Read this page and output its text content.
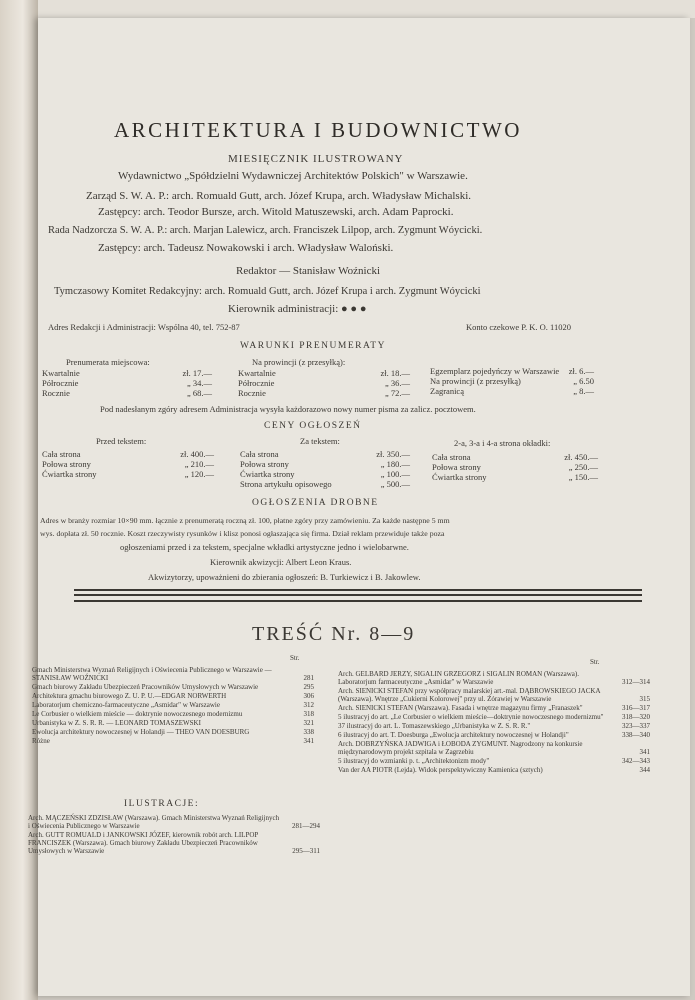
ARCHITEKTURA I BUDOWNICTWO
MIESIĘCZNIK ILUSTROWANY
Wydawnictwo „Spółdzielni Wydawniczej Architektów Polskich" w Warszawie.
Zarząd S. W. A. P.: arch. Romuald Gutt, arch. Józef Krupa, arch. Władysław Michalski.
Zastępcy: arch. Teodor Bursze, arch. Witold Matuszewski, arch. Adam Paprocki.
Rada Nadzorcza S. W. A. P.: arch. Marjan Lalewicz, arch. Franciszek Lilpop, arch. Zygmunt Wóycicki.
Zastępcy: arch. Tadeusz Nowakowski i arch. Władysław Waloński.
Redaktor — Stanisław Woźnicki
Tymczasowy Komitet Redakcyjny: arch. Romuald Gutt, arch. Józef Krupa i arch. Zygmunt Wóycicki
Kierownik administracji: ● ● ●
Adres Redakcji i Administracji: Wspólna 40, tel. 752-87	Konto czekowe P. K. O. 11020
WARUNKI PRENUMERATY
Prenumerata miejscowa:
Kwartalnie	zł. 17.—
Półrocznie	„ 34.—
Rocznie	„ 68.—
Na prowincji (z przesyłką):
Kwartalnie	zł. 18.—
Półrocznie	„ 36.—
Rocznie	„ 72.—
Egzemplarz pojedyńczy w Warszawie zł. 6.—
Na prowincji (z przesyłką)	„ 6.50
Zagranicą	„ 8.—
Pod nadesłanym zgóry adresem Administracja wysyła każdorazowo nowy numer pisma za zalicz. pocztowem.
CENY OGŁOSZEŃ
Przed tekstem:
Cała strona	zł. 400.—
Połowa strony	„ 210.—
Ćwiartka strony	„ 120.—
Za tekstem:
Cała strona	zł. 350.—
Połowa strony	„ 180.—
Ćwiartka strony	„ 100.—
Strona artykułu opisowego	„ 500.—
2-a, 3-a i 4-a strona okładki:
Cała strona	zł. 450.—
Połowa strony	„ 250.—
Ćwiartka strony	„ 150.—
OGŁOSZENIA DROBNE
Adres w branży rozmiar 10×90 mm. łącznie z prenumeratą roczną zł. 100, płatne zgóry przy zamówieniu. Za każde następne 5 mm
wys. dopłata zł. 50 rocznie. Koszt rzeczywisty rysunków i klisz ponosi ogłaszająca się firma. Dział reklam przewiduje także poza
ogłoszeniami przed i za tekstem, specjalne wkładki artystyczne jedno i wielobarwne.
Kierownik akwizycji: Albert Leon Kraus.
Akwizytorzy, upoważnieni do zbierania ogłoszeń: B. Turkiewicz i B. Jakowlew.
TREŚĆ Nr. 8—9
Str.	Str.
Gmach Ministerstwa Wyznań Religijnych i Oświecenia Publicznego w Warszawie — STANISŁAW WOŹNICKI	281
Gmach biurowy Zakładu Ubezpieczeń Pracowników Umysłowych w Warszawie	295
Architektura gmachu biurowego Z. U. P. U.—EDGAR NORWERTH	306
Laboratorjum chemiczno-farmaceutyczne „Asmidar" w Warszawie	312
Le Corbusier o wielkiem mieście — doktrynie nowoczesnego modernizmu	318
Urbanistyka w Z. S. R. R. — LEONARD TOMASZEWSKI	321
Ewolucja architektury nowoczesnej w Holandji — THEO VAN DOESBURG	338
Różne	341
ILUSTRACJE:
Arch. MĄCZEŃSKI ZDZISŁAW (Warszawa). Gmach Ministerstwa Wyznań Religijnych i Oświecenia Publicznego w Warszawie	281—294
Arch. GUTT ROMUALD i JANKOWSKI JÓZEF, kierownik robót arch. LILPOP FRANCISZEK (Warszawa). Gmach biurowy Zakładu Ubezpieczeń Pracowników Umysłowych w Warszawie	295—311
Arch. GELBARD JERZY, SIGALIN GRZEGORZ i SIGALIN ROMAN (Warszawa). Laboratorjum farmaceutyczne „Asmidar" w Warszawie	312—314
Arch. SIENICKI STEFAN przy współpracy malarskiej art.-mal. DĄBROWSKIEGO JACKA (Warszawa). Wnętrze „Cukierni Kolorowej" przy ul. Żórawiej w Warszawie	315
Arch. SIENICKI STEFAN (Warszawa). Fasada i wnętrze magazynu firmy „Franaszek"	316—317
5 ilustracyj do art. „Le Corbusier o wielkiem mieście—doktrynie nowoczesnego modernizmu"	318—320
37 ilustracyj do art. L. Tomaszewskiego „Urbanistyka w Z. S. R. R."	323—337
6 ilustracyj do art. T. Doesburga „Ewolucja architektury nowoczesnej w Holandji"	338—340
Arch. DOBRZYŃSKA JADWIGA i ŁOBODA ZYGMUNT. Nagrodzony na konkursie międzynarodowym projekt szpitala w Zagrzebiu	341
5 ilustracyj do wzmianki p. t. „Architektonizm mody"	342—343
Van der AA PIOTR (Lejda). Widok perspektywiczny Kamienica (sztych)	344
